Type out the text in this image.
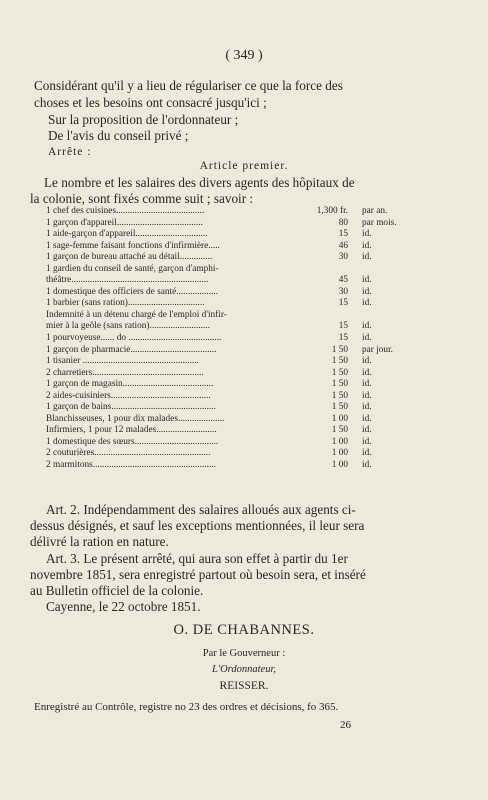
( 349 )
Considérant qu'il y a lieu de régulariser ce que la force des
choses et les besoins ont consacré jusqu'ici ;
Sur la proposition de l'ordonnateur ;
De l'avis du conseil privé ;
Arrête :
Article premier.
Le nombre et les salaires des divers agents des hôpitaux de
la colonie, sont fixés comme suit ; savoir :
1 chef des cuisines......................................	1,300 fr. par an.
1 garçon d'appareil.....................................	80 par mois.
1 aide-garçon d'appareil...............................	15 id.
1 sage-femme faisant fonctions d'infirmière.....	46 id.
1 garçon de bureau attaché au détail..............	30 id.
1 gardien du conseil de santé, garçon d'amphi-
théâtre...........................................................	45 id.
1 domestique des officiers de santé..................	30 id.
1 barbier (sans ration).................................	15 id.
Indemnité à un détenu chargé de l'emploi d'infir-
mier à la geôle (sans ration)..........................	15 id.
1 pourvoyeuse...... do ........................................	15 id.
1 garçon de pharmacie.....................................	1 50 par jour.
1 tisanier ..................................................	1 50 id.
2 charretiers................................................	1 50 id.
1 garçon de magasin.......................................	1 50 id.
2 aides-cuisiniers...........................................	1 50 id.
1 garçon de bains.............................................	1 50 id.
Blanchisseuses, 1 pour dix malades....................	1 00 id.
Infirmiers, 1 pour 12 malades..........................	1 50 id.
1 domestique des sœurs....................................	1 00 id.
2 couturières..................................................	1 00 id.
2 marmitons.....................................................	1 00 id.
Art. 2. Indépendamment des salaires alloués aux agents ci-
dessus désignés, et sauf les exceptions mentionnées, il leur sera
délivré la ration en nature.
Art. 3. Le présent arrêté, qui aura son effet à partir du 1er
novembre 1851, sera enregistré partout où besoin sera, et inséré
au Bulletin officiel de la colonie.
Cayenne, le 22 octobre 1851.
O. DE CHABANNES.
Par le Gouverneur :
L'Ordonnateur,
REISSER.
Enregistré au Contrôle, registre no 23 des ordres et décisions, fo 365.
26
